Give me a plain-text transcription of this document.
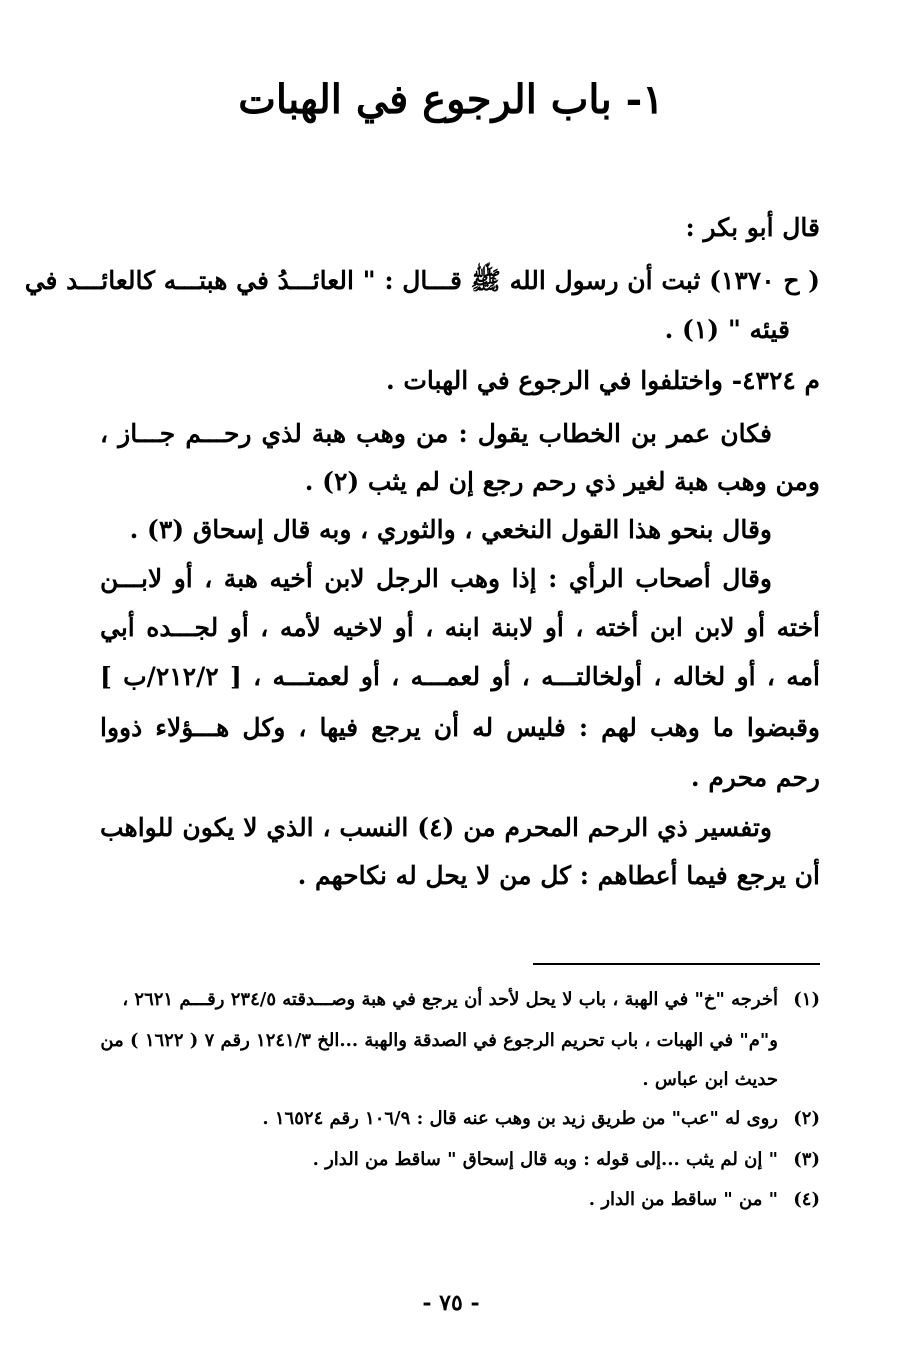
١- باب الرجوع في الهبات
قال أبو بكر :
( ح ١٣٧٠) ثبت أن رسول الله ﷺ قـــال : " العائـــدُ في هبتـــه كالعائـــد في
قيئه " (١) .
م ٤٣٢٤- واختلفوا في الرجوع في الهبات .
فكان عمر بن الخطاب يقول : من وهب هبة لذي رحـــم جـــاز ،
ومن وهب هبة لغير ذي رحم رجع إن لم يثب (٢) .
وقال بنحو هذا القول النخعي ، والثوري ، وبه قال إسحاق (٣) .
وقال أصحاب الرأي : إذا وهب الرجل لابن أخيه هبة ، أو لابـــن
أخته أو لابن ابن أخته ، أو لابنة ابنه ، أو لاخيه لأمه ، أو لجـــده أبي
أمه ، أو لخاله ، أولخالتـــه ، أو لعمـــه ، أو لعمتـــه ، [ ٢١٢/٢/ب ]
وقبضوا ما وهب لهم : فليس له أن يرجع فيها ، وكل هـــؤلاء ذووا
رحم محرم .
وتفسير ذي الرحم المحرم من (٤) النسب ، الذي لا يكون للواهب
أن يرجع فيما أعطاهم : كل من لا يحل له نكاحهم .
(١)أخرجه "خ" في الهبة ، باب لا يحل لأحد أن يرجع في هبة وصـــدقته ٢٣٤/٥ رقـــم ٢٦٢١ ،
و"م" في الهبات ، باب تحريم الرجوع في الصدقة والهبة ...الخ ١٢٤١/٣ رقم ٧ ( ١٦٢٢ ) من
حديث ابن عباس .
(٢)روى له "عب" من طريق زيد بن وهب عنه قال : ١٠٦/٩ رقم ١٦٥٢٤ .
(٣)" إن لم يثب ...إلى قوله : وبه قال إسحاق " ساقط من الدار .
(٤)" من " ساقط من الدار .
- ٧٥ -
